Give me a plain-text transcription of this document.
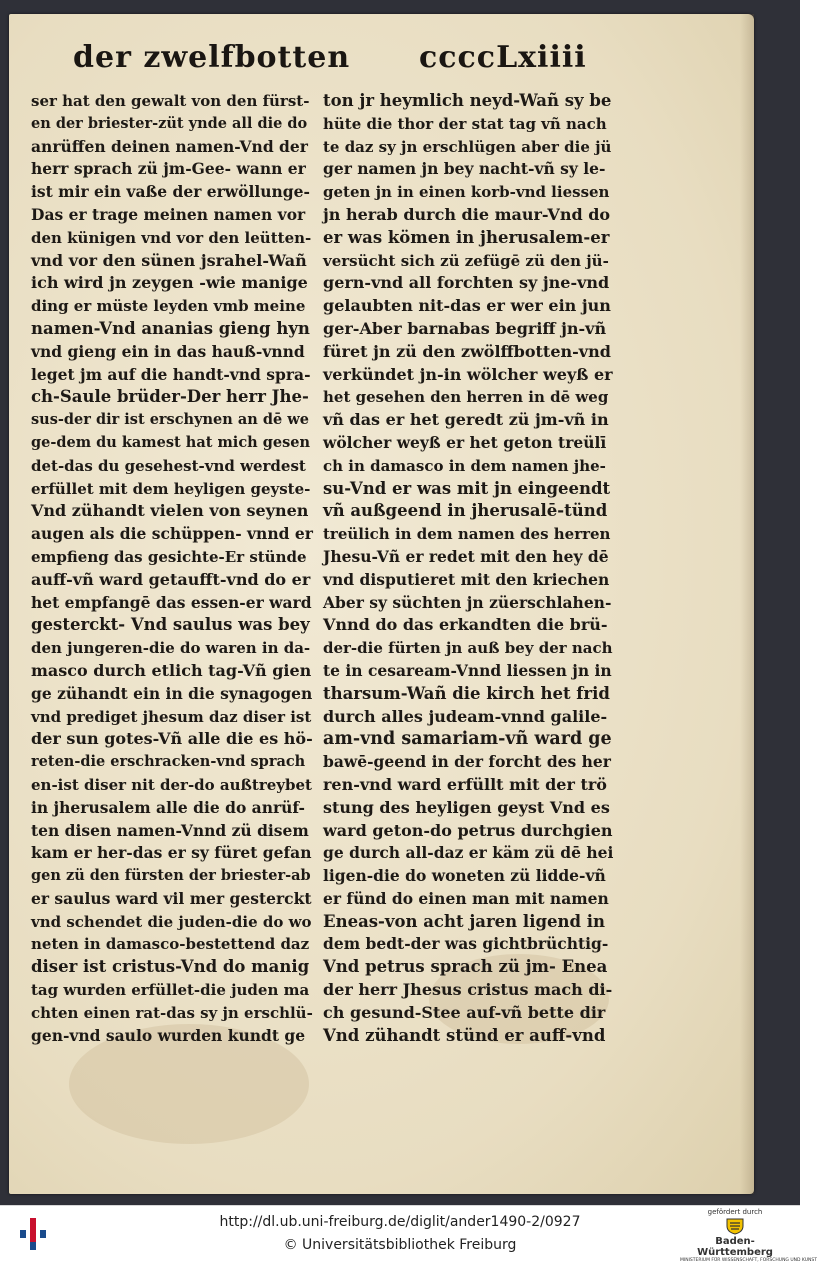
der zwelfbotten ccccLxiiii
ser hat den gewalt von den fürst-
en der briester-züt ynde all die do
anrüffen deinen namen-Vnd der
herr sprach zü jm-Gee- wann er
ist mir ein vaße der erwöllunge-
Das er trage meinen namen vor
den künigen vnd vor den leütten-
vnd vor den sünen jsrahel-Wañ
ich wird jn zeygen -wie manige
ding er müste leyden vmb meine
namen-Vnd ananias gieng hyn
vnd gieng ein in das hauß-vnnd
leget jm auf die handt-vnd spra-
ch-Saule brüder-Der herr Jhe-
sus-der dir ist erschynen an dē we
ge-dem du kamest hat mich gesen
det-das du gesehest-vnd werdest
erfüllet mit dem heyligen geyste-
Vnd zühandt vielen von seynen
augen als die schüppen- vnnd er
empfieng das gesichte-Er stünde
auff-vñ ward getaufft-vnd do er
het empfangē das essen-er ward
gesterckt- Vnd saulus was bey
den jungeren-die do waren in da-
masco durch etlich tag-Vñ gien
ge zühandt ein in die synagogen
vnd prediget jhesum daz diser ist
der sun gotes-Vñ alle die es hö-
reten-die erschracken-vnd sprach
en-ist diser nit der-do außtreybet
in jherusalem alle die do anrüf-
ten disen namen-Vnnd zü disem
kam er her-das er sy füret gefan
gen zü den fürsten der briester-ab
er saulus ward vil mer gesterckt
vnd schendet die juden-die do wo
neten in damasco-bestettend daz
diser ist cristus-Vnd do manig
tag wurden erfüllet-die juden ma
chten einen rat-das sy jn erschlü-
gen-vnd saulo wurden kundt ge
ton jr heymlich neyd-Wañ sy be
hüte die thor der stat tag vñ nach
te daz sy jn erschlügen aber die jü
ger namen jn bey nacht-vñ sy le-
geten jn in einen korb-vnd liessen
jn herab durch die maur-Vnd do
er was kömen in jherusalem-er
versücht sich zü zefügē zü den jü-
gern-vnd all forchten sy jne-vnd
gelaubten nit-das er wer ein jun
ger-Aber barnabas begriff jn-vñ
füret jn zü den zwölffbotten-vnd
verkündet jn-in wölcher weyß er
het gesehen den herren in dē weg
vñ das er het geredt zü jm-vñ in
wölcher weyß er het geton treülī
ch in damasco in dem namen jhe-
su-Vnd er was mit jn eingeendt
vñ außgeend in jherusalē-tünd
treülich in dem namen des herren
Jhesu-Vñ er redet mit den hey dē
vnd disputieret mit den kriechen
Aber sy süchten jn züerschlahen-
Vnnd do das erkandten die brü-
der-die fürten jn auß bey der nach
te in cesaream-Vnnd liessen jn in
tharsum-Wañ die kirch het frid
durch alles judeam-vnnd galile-
am-vnd samariam-vñ ward ge
bawē-geend in der forcht des her
ren-vnd ward erfüllt mit der trö
stung des heyligen geyst Vnd es
ward geton-do petrus durchgien
ge durch all-daz er käm zü dē hei
ligen-die do woneten zü lidde-vñ
er fünd do einen man mit namen
Eneas-von acht jaren ligend in
dem bedt-der was gichtbrüchtig-
Vnd petrus sprach zü jm- Enea
der herr Jhesus cristus mach di-
ch gesund-Stee auf-vñ bette dir
Vnd zühandt stünd er auff-vnd
http://dl.ub.uni-freiburg.de/diglit/ander1490-2/0927
© Universitätsbibliothek Freiburg
gefördert durch
Baden-Württemberg
MINISTERIUM FÜR WISSENSCHAFT, FORSCHUNG UND KUNST
